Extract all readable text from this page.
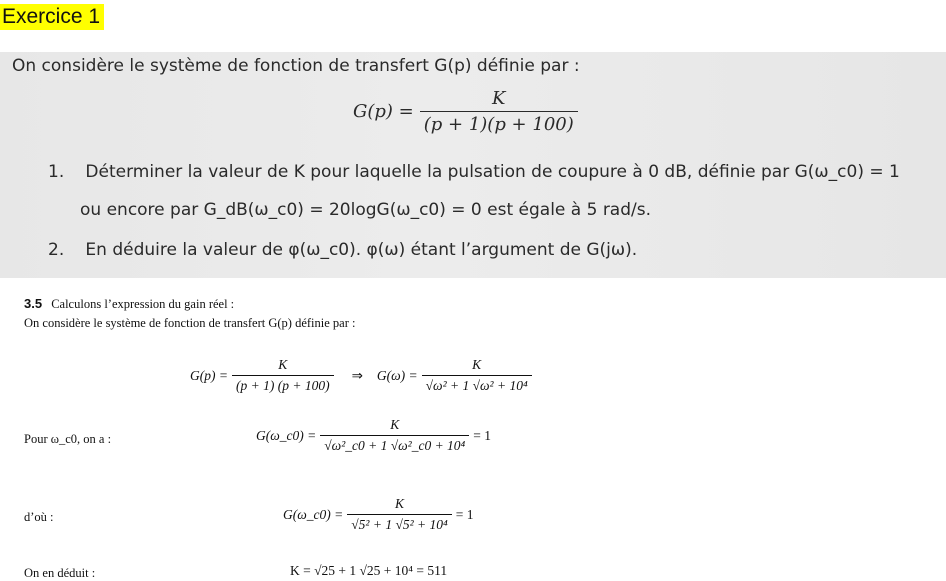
Exercice 1
On considère le système de fonction de transfert G(p) définie par :
$G(p) = \frac{K}{(p + 1)(p + 100)}$
1. Déterminer la valeur de K pour laquelle la pulsation de coupure à 0 dB, définie par G(ω_c0) = 1
ou encore par G_dB(ω_c0) = 20logG(ω_c0) = 0 est égale à 5 rad/s.
2. En déduire la valeur de φ(ω_c0). φ(ω) étant l’argument de G(jω).
3.5 Calculons l’expression du gain réel :
On considère le système de fonction de transfert G(p) définie par :
$G(p) = \frac{K}{(p + 1) (p + 100)}$ ⇒ $G(\omega) = \frac{K}{\text{√ω² + 1 √ω² + 10⁴}}$
Pour ω_c0, on a :	G(ω_c0) = $\frac{K}{\text{√ω²\_c0 + 1 √ω²\_c0 + 10⁴}} = 1$
d’où :	G(ω_c0) = $\frac{K}{\text{√5² + 1 √5² + 10⁴}} = 1$
On en déduit :	K = √25 + 1 √25 + 10⁴ = 511
